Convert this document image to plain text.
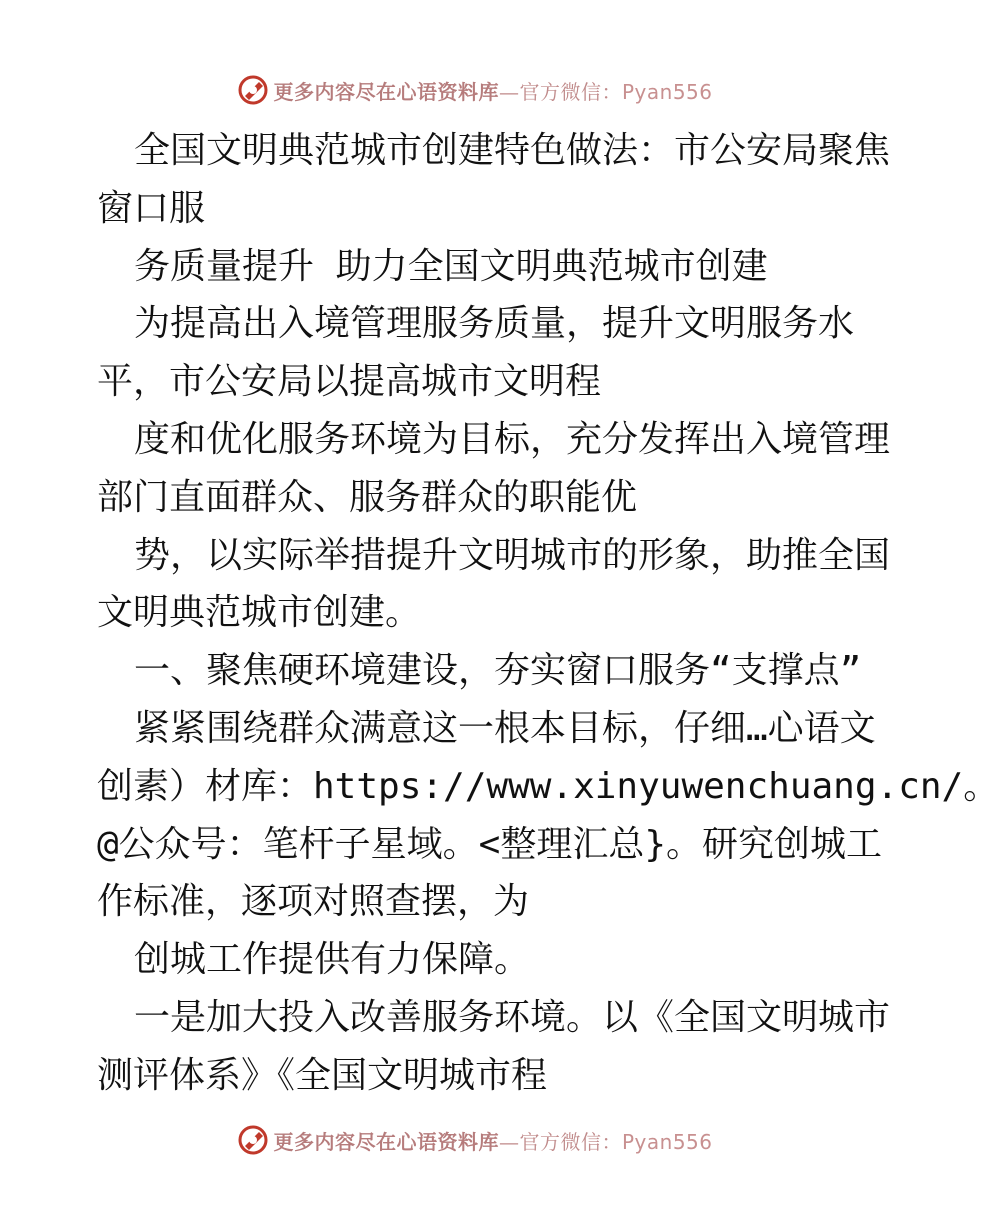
更多内容尽在心语资料库—官方微信：Pyan556
全国文明典范城市创建特色做法：市公安局聚焦
窗口服
务质量提升 助力全国文明典范城市创建
为提高出入境管理服务质量，提升文明服务水
平，市公安局以提高城市文明程
度和优化服务环境为目标，充分发挥出入境管理
部门直面群众、服务群众的职能优
势，以实际举措提升文明城市的形象，助推全国
文明典范城市创建。
一、聚焦硬环境建设，夯实窗口服务“支撑点”
紧紧围绕群众满意这一根本目标，仔细…心语文
创素）材库：https://www.xinyuwenchuang.cn/。
@公众号：笔杆子星域。<整理汇总}。研究创城工
作标准，逐项对照查摆，为
创城工作提供有力保障。
一是加大投入改善服务环境。以《全国文明城市
测评体系》《全国文明城市程
更多内容尽在心语资料库—官方微信：Pyan556
